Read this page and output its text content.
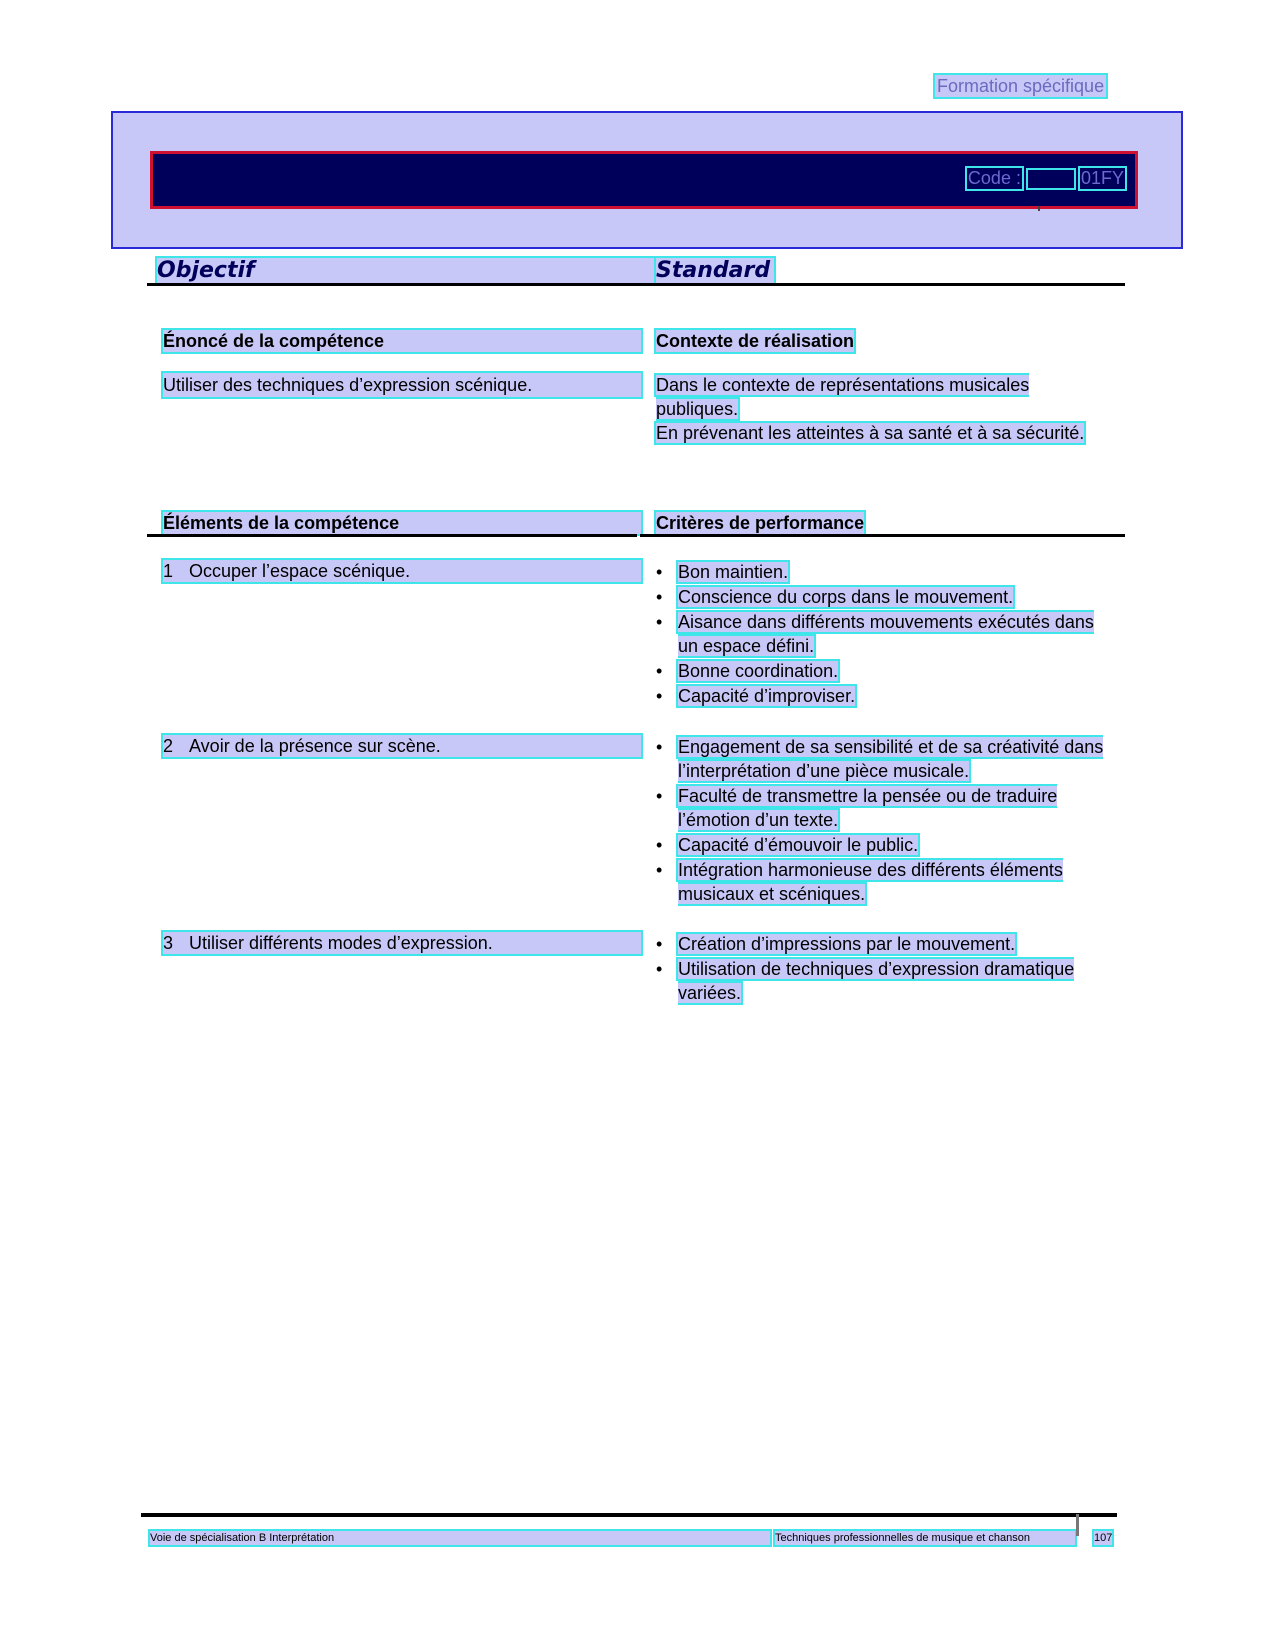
Formation spécifique
Code :	01FY
Objectif	Standard
Énoncé de la compétence	Contexte de réalisation
Utiliser des techniques d’expression scénique.	Dans le contexte de représentations musicales publiques.
En prévenant les atteintes à sa santé et à sa sécurité.
Éléments de la compétence	Critères de performance
1 Occuper l’espace scénique.	• Bon maintien.
• Conscience du corps dans le mouvement.
• Aisance dans différents mouvements exécutés dans un espace défini.
• Bonne coordination.
• Capacité d’improviser.
2 Avoir de la présence sur scène.	• Engagement de sa sensibilité et de sa créativité dans l’interprétation d’une pièce musicale.
• Faculté de transmettre la pensée ou de traduire l’émotion d’un texte.
• Capacité d’émouvoir le public.
• Intégration harmonieuse des différents éléments musicaux et scéniques.
3 Utiliser différents modes d’expression.	• Création d’impressions par le mouvement.
• Utilisation de techniques d’expression dramatique variées.
Voie de spécialisation B Interprétation	Techniques professionnelles de musique et chanson	107
